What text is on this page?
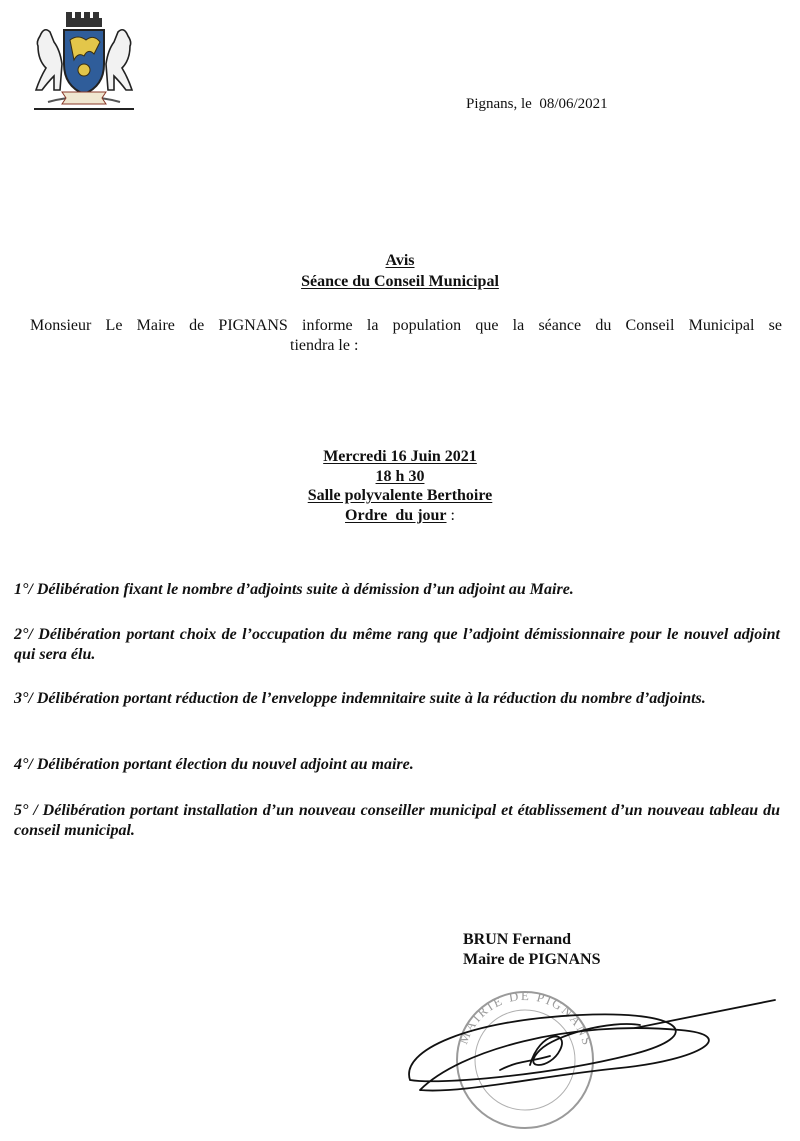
Pignans, le 08/06/2021
Avis
Séance du Conseil Municipal
Monsieur Le Maire de PIGNANS informe la population que la séance du Conseil Municipal se
tiendra le :
Mercredi 16 Juin 2021
18 h 30
Salle polyvalente Berthoire
Ordre  du jour :
1°/ Délibération fixant le nombre d’adjoints suite à démission d’un adjoint au Maire.
2°/ Délibération portant choix de l’occupation du même rang que l’adjoint démissionnaire pour le nouvel adjoint qui sera élu.
3°/ Délibération portant réduction de l’enveloppe indemnitaire suite à la réduction du nombre d’adjoints.
4°/ Délibération portant élection du nouvel adjoint au maire.
5° / Délibération portant installation d’un nouveau conseiller municipal et établissement d’un nouveau tableau du conseil municipal.
BRUN Fernand
Maire de PIGNANS
MAIRIE DE PIGNANS
